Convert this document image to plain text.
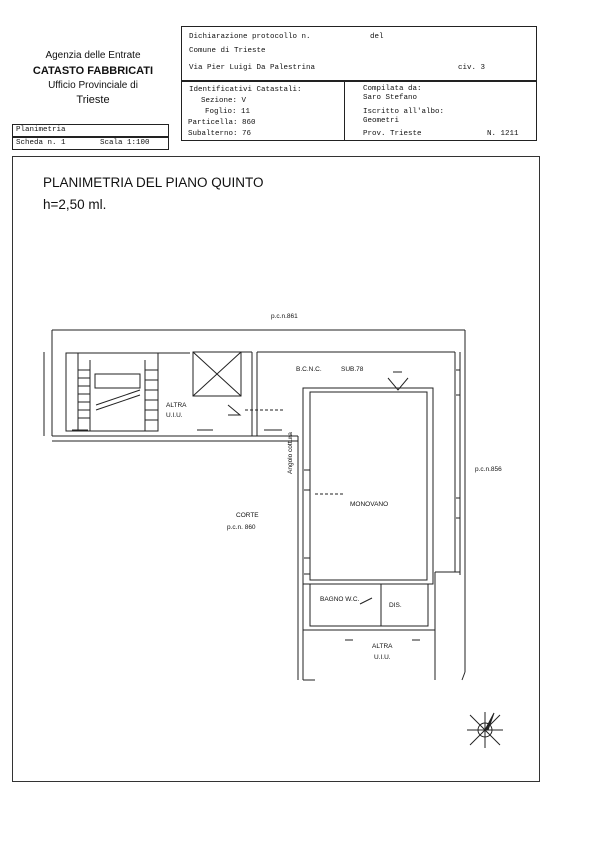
Agenzia delle Entrate
CATASTO FABBRICATI
Ufficio Provinciale di
Trieste
Dichiarazione protocollo n.	del
Comune di Trieste
Via Pier Luigi Da Palestrina	civ. 3
Identificativi Catastali:
Sezione: V
Foglio: 11
Particella: 860
Subalterno: 76
Compilata da:
Saro Stefano
Iscritto all'albo:
Geometri
Prov. Trieste	N. 1211
Planimetria
Scheda n. 1	Scala 1:100
PLANIMETRIA DEL PIANO QUINTO
h=2,50 ml.
p.c.n.861
p.c.n.856
ALTRA
U.I.U.
B.C.N.C.	SUB.78
Angolo cottura
MONOVANO
CORTE
p.c.n. 860
BAGNO W.C.
DIS.
ALTRA
U.I.U.
